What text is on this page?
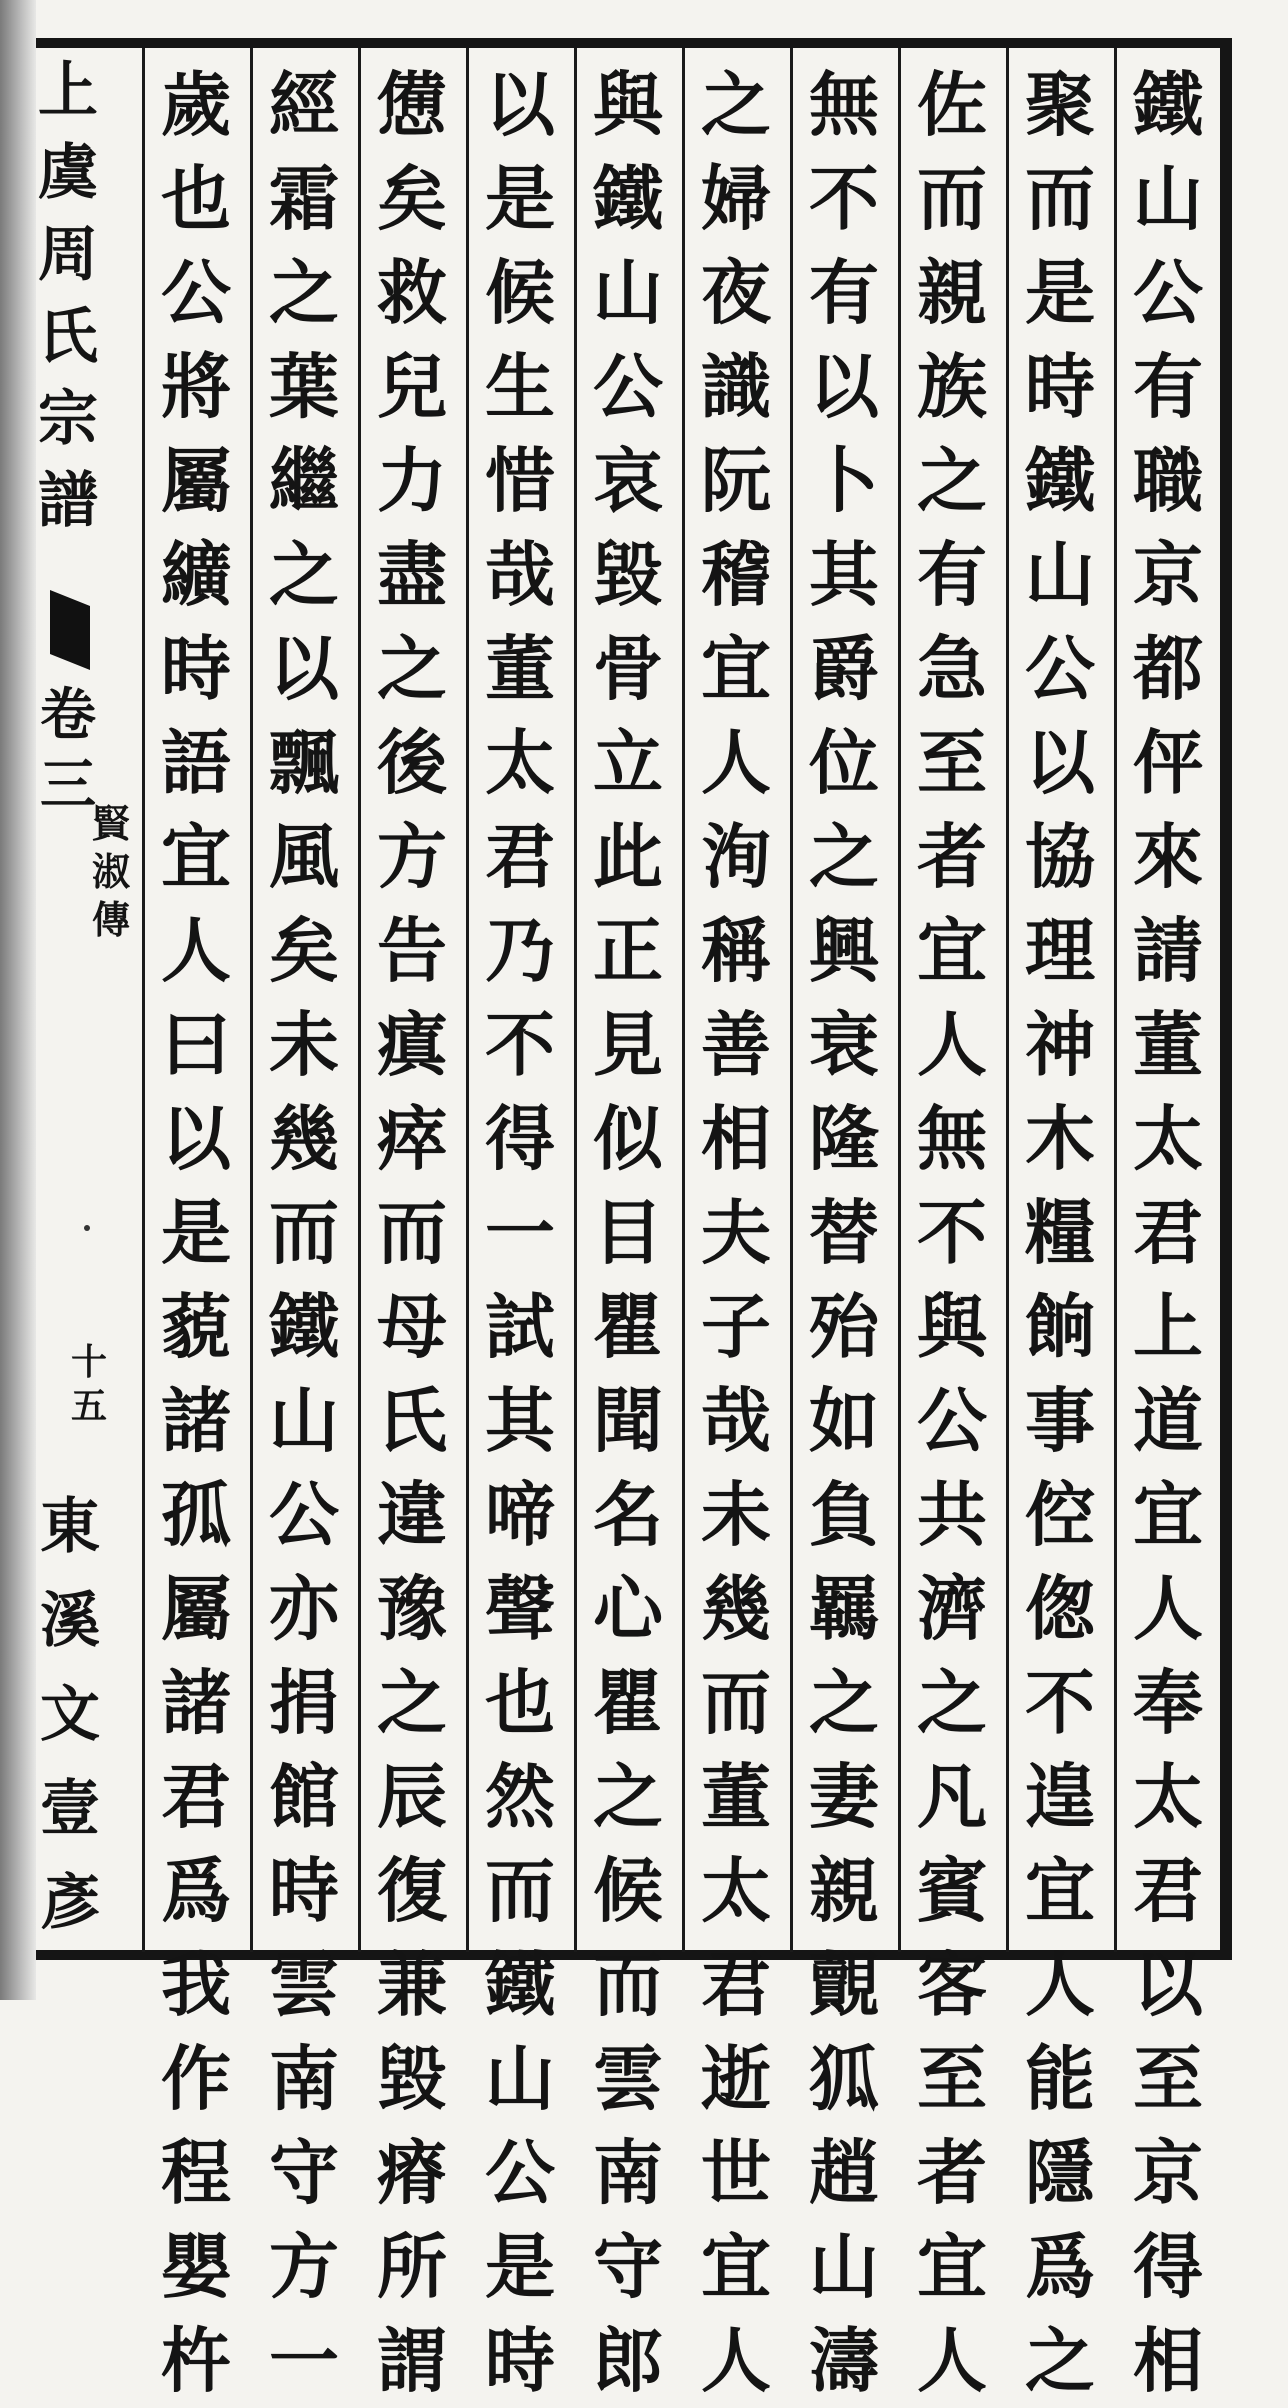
上
虞
周
氏
宗
譜
卷
三
賢
淑
傳
十
五
東
溪
文
壹
彥
鐵
山
公
有
職
京
都
伻
來
請
董
太
君
上
道
宜
人
奉
太
君
以
至
京
得
相
聚
而
是
時
鐵
山
公
以
協
理
神
木
糧
餉
事
倥
偬
不
遑
宜
人
能
隱
爲
之
佐
而
親
族
之
有
急
至
者
宜
人
無
不
與
公
共
濟
之
凡
賓
客
至
者
宜
人
無
不
有
以
卜
其
爵
位
之
興
衰
隆
替
殆
如
負
羈
之
妻
親
覿
狐
趙
山
濤
之
婦
夜
識
阮
稽
宜
人
洵
稱
善
相
夫
子
哉
未
幾
而
董
太
君
逝
世
宜
人
與
鐵
山
公
哀
毀
骨
立
此
正
見
似
目
瞿
聞
名
心
瞿
之
候
而
雲
南
守
郎
以
是
候
生
惜
哉
董
太
君
乃
不
得
一
試
其
啼
聲
也
然
而
鐵
山
公
是
時
憊
矣
救
兒
力
盡
之
後
方
告
瘨
瘁
而
母
氏
違
豫
之
辰
復
兼
毀
瘠
所
謂
經
霜
之
葉
繼
之
以
飄
風
矣
未
幾
而
鐵
山
公
亦
捐
館
時
雲
南
守
方
一
歲
也
公
將
屬
纊
時
語
宜
人
曰
以
是
藐
諸
孤
屬
諸
君
爲
我
作
程
嬰
杵
